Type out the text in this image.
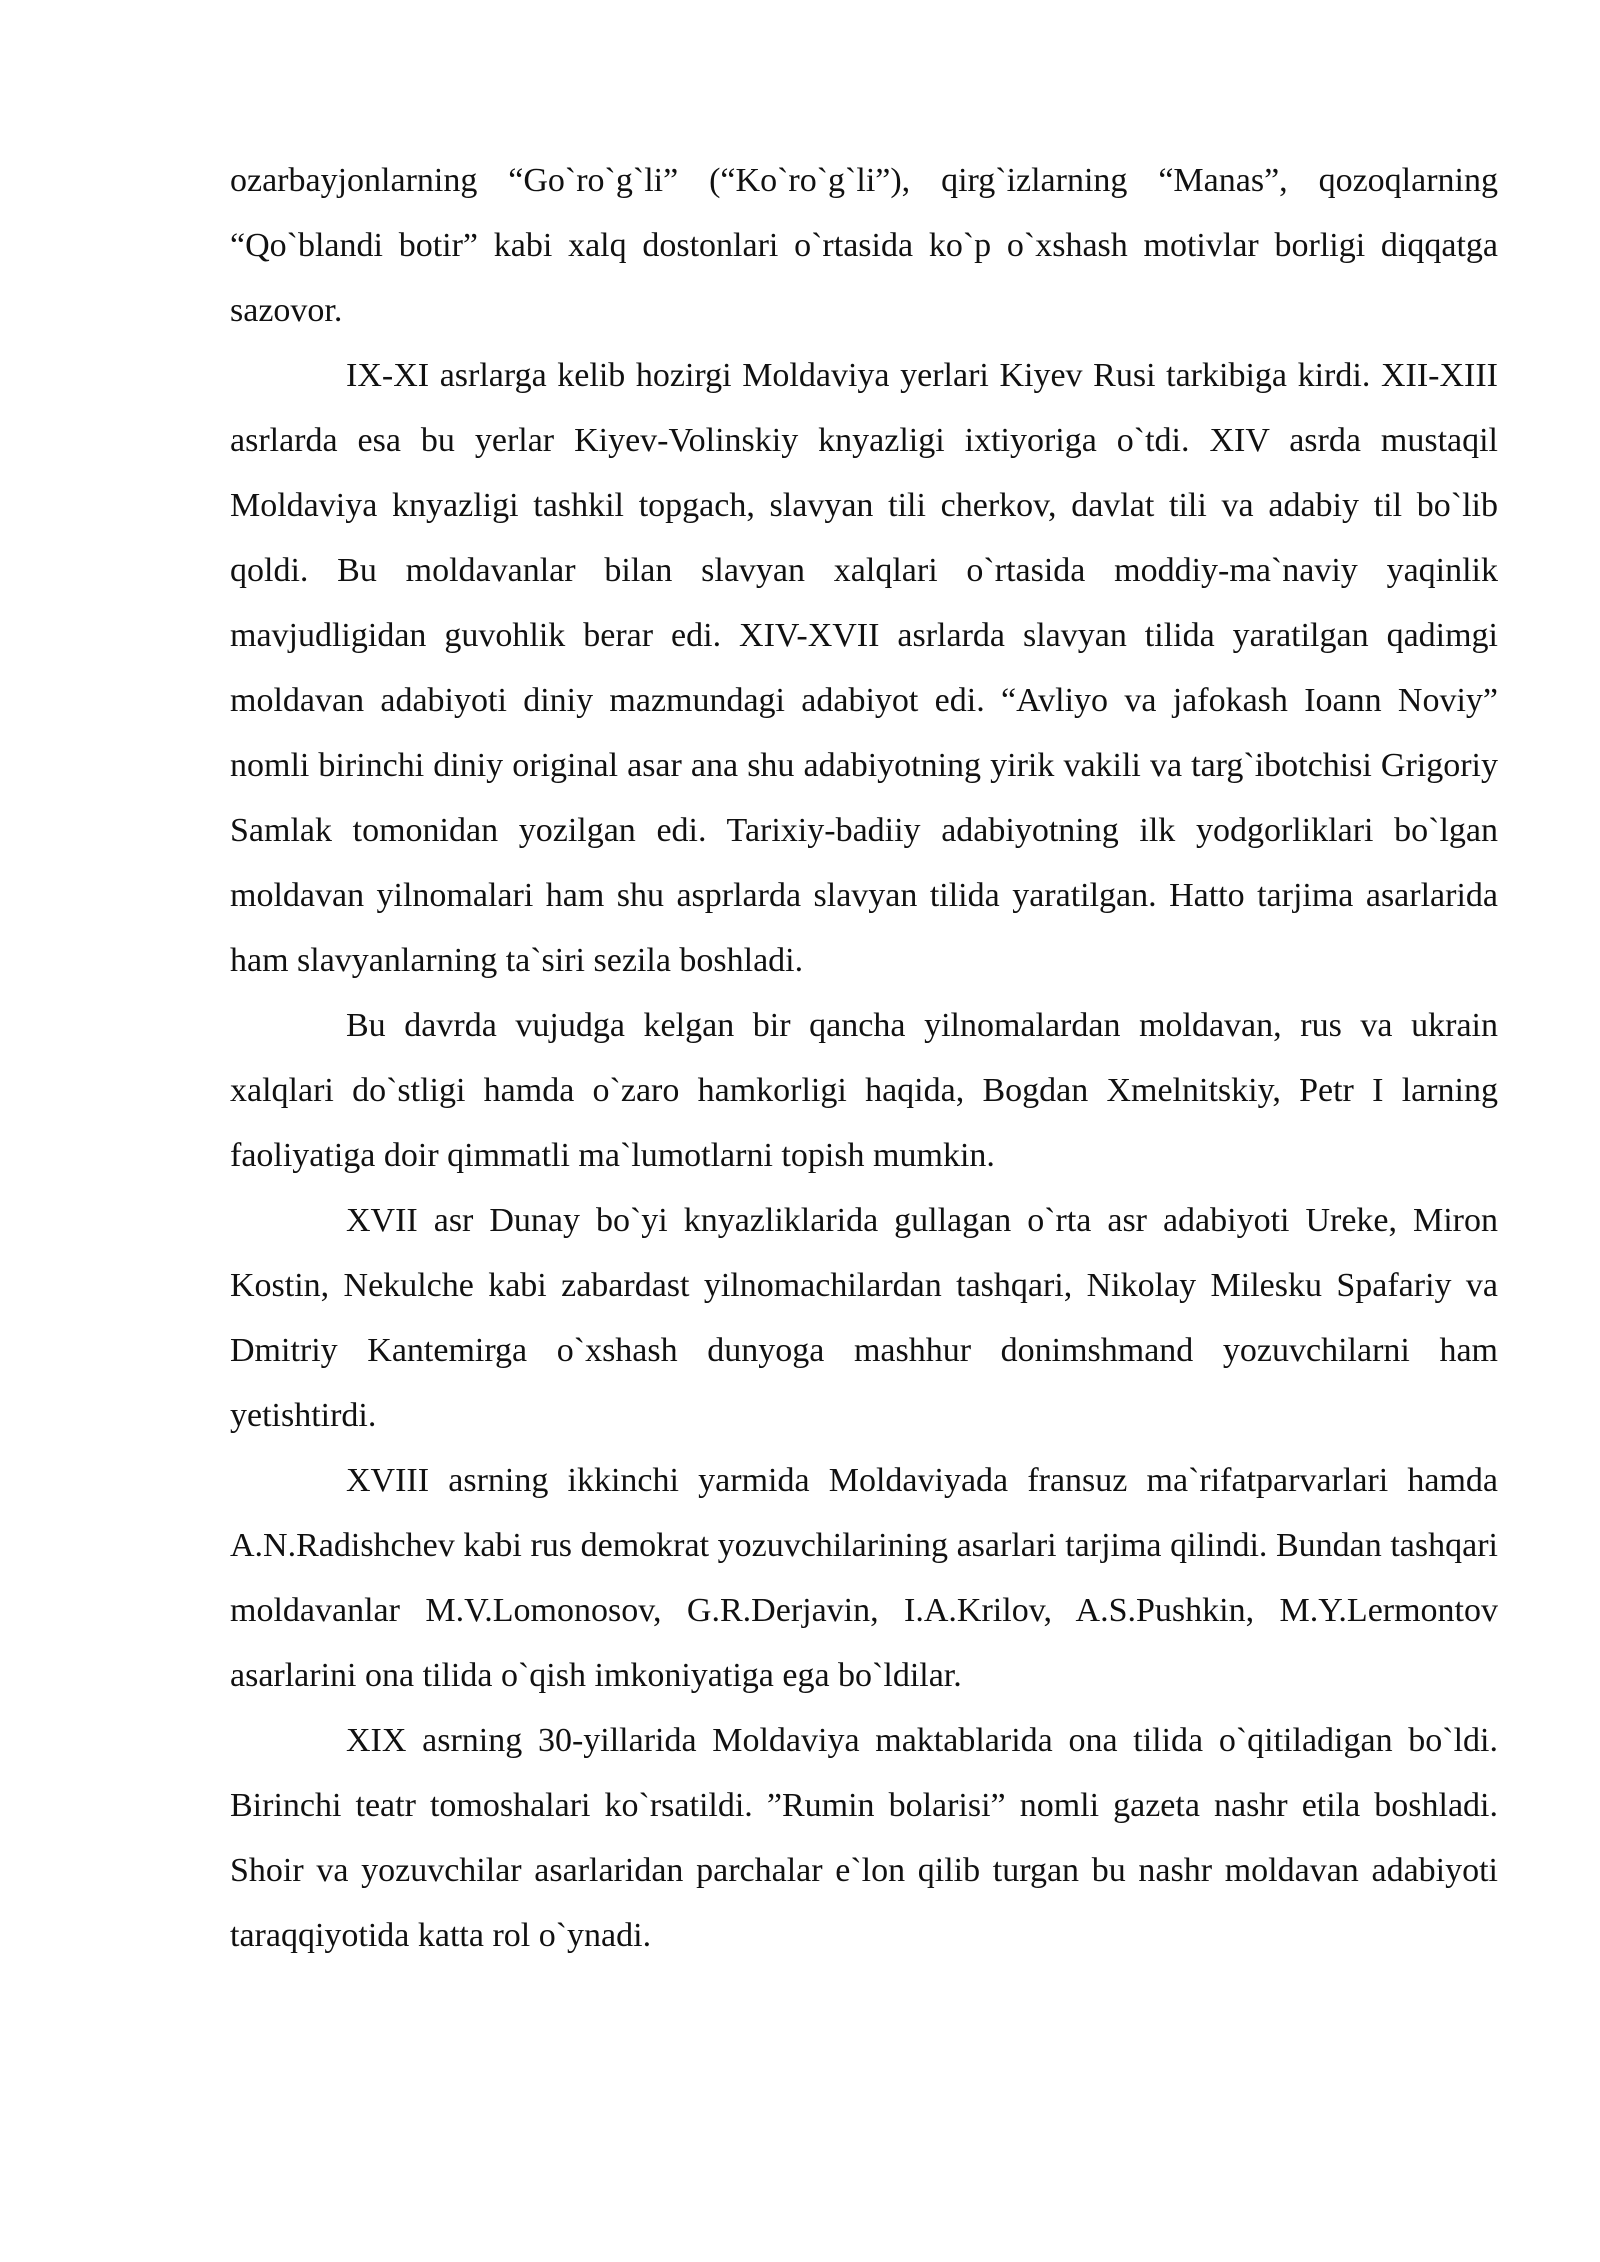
ozarbayjonlarning “Go`ro`g`li” (“Ko`ro`g`li”), qirg`izlarning “Manas”, qozoqlarning “Qo`blandi botir” kabi xalq dostonlari o`rtasida ko`p o`xshash motivlar borligi diqqatga sazovor.

IX-XI asrlarga kelib hozirgi Moldaviya yerlari Kiyev Rusi tarkibiga kirdi. XII-XIII asrlarda esa bu yerlar Kiyev-Volinskiy knyazligi ixtiyoriga o`tdi. XIV asrda mustaqil Moldaviya knyazligi tashkil topgach, slavyan tili cherkov, davlat tili va adabiy til bo`lib qoldi. Bu moldavanlar bilan slavyan xalqlari o`rtasida moddiy-ma`naviy yaqinlik mavjudligidan guvohlik berar edi. XIV-XVII asrlarda slavyan tilida yaratilgan qadimgi moldavan adabiyoti diniy mazmundagi adabiyot edi. “Avliyo va jafokash Ioann Noviy” nomli birinchi diniy original asar ana shu adabiyotning yirik vakili va targ`ibotchisi Grigoriy Samlak tomonidan yozilgan edi. Tarixiy-badiiy adabiyotning ilk yodgorliklari bo`lgan moldavan yilnomalari ham shu asprlarda slavyan tilida yaratilgan. Hatto tarjima asarlarida ham slavyanlarning ta`siri sezila boshladi.

Bu davrda vujudga kelgan bir qancha yilnomalardan moldavan, rus va ukrain xalqlari do`stligi hamda o`zaro hamkorligi haqida, Bogdan Xmelnitskiy, Petr I larning faoliyatiga doir qimmatli ma`lumotlarni topish mumkin.

XVII asr Dunay bo`yi knyazliklarida gullagan o`rta asr adabiyoti Ureke, Miron Kostin, Nekulche kabi zabardast yilnomachilardan tashqari, Nikolay Milesku Spafariy va Dmitriy Kantemirga o`xshash dunyoga mashhur donimshmand yozuvchilarni ham yetishtirdi.

XVIII asrning ikkinchi yarmida Moldaviyada fransuz ma`rifatparvarlari hamda A.N.Radishchev kabi rus demokrat yozuvchilarining asarlari tarjima qilindi. Bundan tashqari moldavanlar M.V.Lomonosov, G.R.Derjavin, I.A.Krilov, A.S.Pushkin, M.Y.Lermontov asarlarini ona tilida o`qish imkoniyatiga ega bo`ldilar.

XIX asrning 30-yillarida Moldaviya maktablarida ona tilida o`qitiladigan bo`ldi. Birinchi teatr tomoshalari ko`rsatildi. ”Rumin bolarisi” nomli gazeta nashr etila boshladi. Shoir va yozuvchilar asarlaridan parchalar e`lon qilib turgan bu nashr moldavan adabiyoti taraqqiyotida katta rol o`ynadi.
